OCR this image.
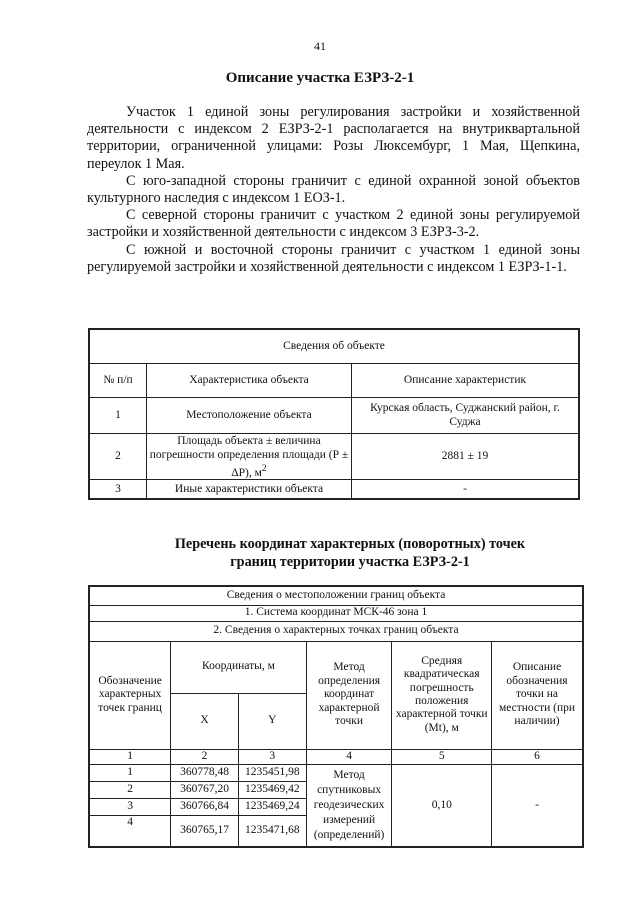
41
Описание участка ЕЗРЗ-2-1

Участок 1 единой зоны регулирования застройки и хозяйственной деятельности с индексом 2 ЕЗРЗ-2-1 располагается на внутриквартальной территории, ограниченной улицами: Розы Люксембург, 1 Мая, Щепкина, переулок 1 Мая.

С юго-западной стороны граничит с единой охранной зоной объектов культурного наследия с индексом 1 ЕОЗ-1.

С северной стороны граничит с участком 2 единой зоны регулируемой застройки и хозяйственной деятельности с индексом 3 ЕЗРЗ-3-2.

С южной и восточной стороны граничит с участком 1 единой зоны регулируемой застройки и хозяйственной деятельности с индексом 1 ЕЗРЗ-1-1.

Сведения об объекте		
№ п/п	Характеристика объекта	Описание характеристик
1	Местоположение объекта	Курская область, Суджанский район, г. Суджа
2	Площадь объекта ± величина погрешности определения площади (Р ± ΔР), $м^2$	2881 ± 19
3	Иные характеристики объекта	-
Перечень координат характерных (поворотных) точек
границ территории участка ЕЗРЗ-2-1
Сведения о местоположении границ объекта					
1. Система координат МСК-46 зона 1					
2. Сведения о характерных точках границ объекта					
Обозначение характерных точек границ	Координаты, м		Метод определения координат характерной точки	Средняя квадратическая погрешность положения характерной точки (Мt), м	Описание обозначения точки на местности (при наличии)
	X	Y			
1	2	3	4	5	6
1	360778,48	1235451,98	Метод спутниковых геодезических измерений (определений)	0,10	-
2	360767,20	1235469,42			
3	360766,84	1235469,24			
4	360765,17	1235471,68			
